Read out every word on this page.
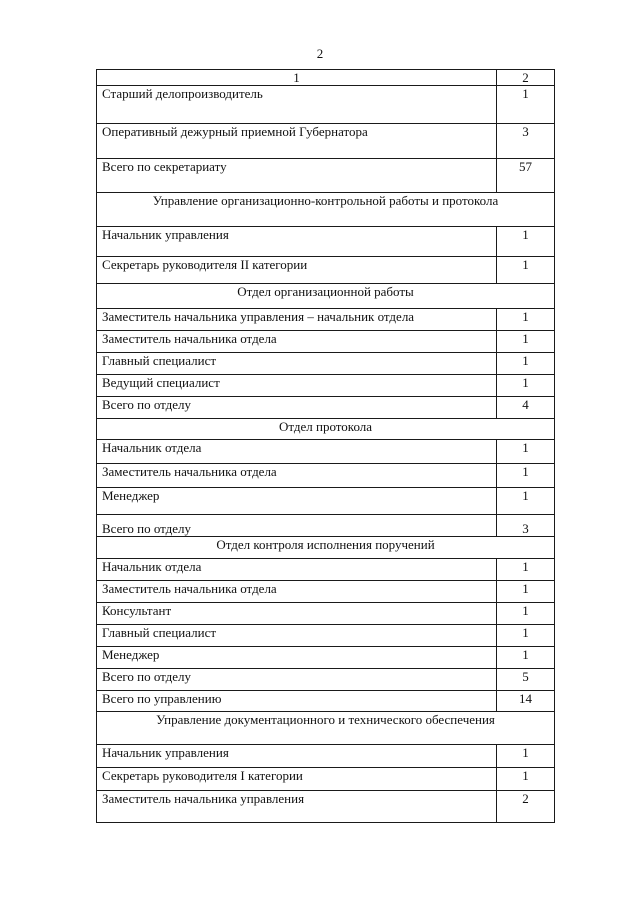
2
1	2
Старший делопроизводитель	1
Оперативный дежурный приемной Губернатора	3
Всего по секретариату	57
Управление организационно-контрольной работы и протокола	
Начальник управления	1
Секретарь руководителя II категории	1
Отдел организационной работы	
Заместитель начальника управления – начальник отдела	1
Заместитель начальника отдела	1
Главный специалист	1
Ведущий специалист	1
Всего по отделу	4
Отдел протокола	
Начальник отдела	1
Заместитель начальника отдела	1
Менеджер	1
Всего по отделу	3
Отдел контроля исполнения поручений	
Начальник отдела	1
Заместитель начальника отдела	1
Консультант	1
Главный специалист	1
Менеджер	1
Всего по отделу	5
Всего по управлению	14
Управление документационного и технического обеспечения	
Начальник управления	1
Секретарь руководителя I категории	1
Заместитель начальника управления	2
